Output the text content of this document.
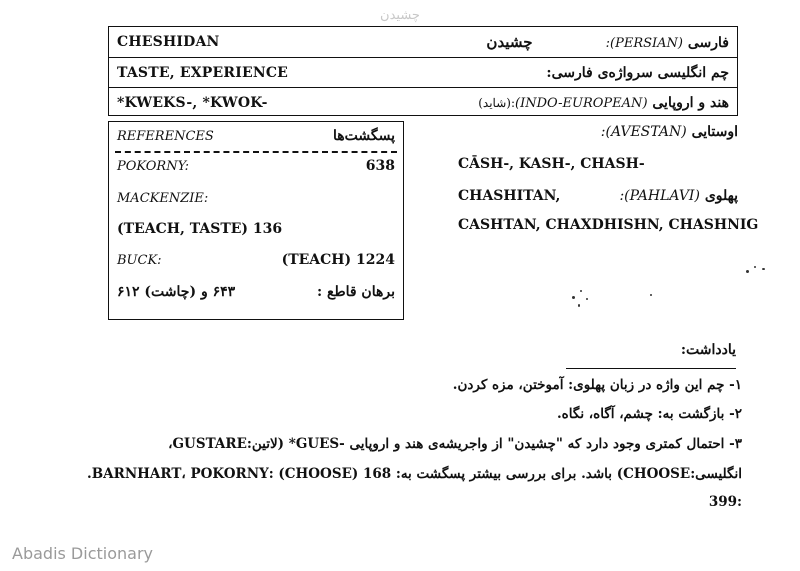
چشیدن
CHESHIDAN	فارسی (PERSIAN):               چشیدن
TASTE, EXPERIENCE	چم انگلیسی سرواژه‌ی فارسی:
*KWEKS-, *KWOK-	هند و اروپایی (INDO-EUROPEAN):(شاید)
REFERENCES	پسگشت‌ها
POKORNY:	638
MACKENZIE:
(TEACH, TASTE) 136
BUCK:	(TEACH) 1224
۶۴۳ و (چاشت) ۶۱۲	برهان قاطع :
اوستایی (AVESTAN):
CĀSH-, KASH-, CHASH-
CHASHITAN,	پهلوی (PAHLAVI):
CASHTAN, CHAXDHISHN, CHASHNIG
یادداشت:
۱- چم این واژه در زبان پهلوی: آموختن، مزه کردن.
۲- بازگشت به: چشم، آگاه، نگاه.
۳- احتمال کمتری وجود دارد که "چشیدن" از واجریشه‌ی هند و اروپایی -GUES* (لاتین:GUSTARE،
انگلیسی:CHOOSE) باشد. برای بررسی بیشتر پسگشت به: 168 (CHOOSE) :BARNHART، POKORNY.
:399
Abadis Dictionary
